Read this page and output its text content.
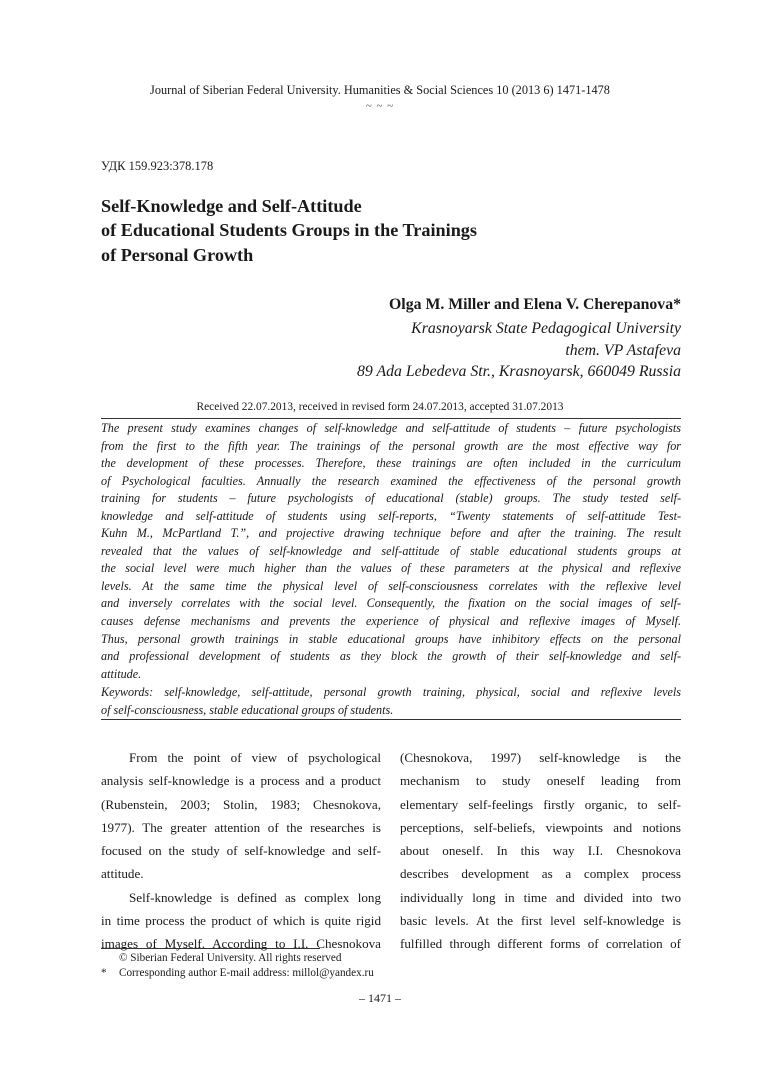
Journal of Siberian Federal University. Humanities & Social Sciences 10 (2013 6) 1471-1478
~ ~ ~
УДК 159.923:378.178
Self-Knowledge and Self-Attitude
of Educational Students Groups in the Trainings
of Personal Growth
Olga M. Miller and Elena V. Cherepanova*
Krasnoyarsk State Pedagogical University
them. VP Astafeva
89 Ada Lebedeva Str., Krasnoyarsk, 660049 Russia
Received 22.07.2013, received in revised form 24.07.2013, accepted 31.07.2013
The present study examines changes of self-knowledge and self-attitude of students – future psychologists
from the first to the fifth year. The trainings of the personal growth are the most effective way for
the development of these processes. Therefore, these trainings are often included in the curriculum
of Psychological faculties. Annually the research examined the effectiveness of the personal growth
training for students – future psychologists of educational (stable) groups. The study tested self-
knowledge and self-attitude of students using self-reports, “Twenty statements of self-attitude Test-
Kuhn M., McPartland T.”, and projective drawing technique before and after the training. The result
revealed that the values of self-knowledge and self-attitude of stable educational students groups at
the social level were much higher than the values of these parameters at the physical and reflexive
levels. At the same time the physical level of self-consciousness correlates with the reflexive level
and inversely correlates with the social level. Consequently, the fixation on the social images of self-
causes defense mechanisms and prevents the experience of physical and reflexive images of Myself.
Thus, personal growth trainings in stable educational groups have inhibitory effects on the personal
and professional development of students as they block the growth of their self-knowledge and self-
attitude.
Keywords: self-knowledge, self-attitude, personal growth training, physical, social and reflexive levels
of self-consciousness, stable educational groups of students.
From the point of view of psychological
analysis self-knowledge is a process and a product
(Rubenstein, 2003; Stolin, 1983; Chesnokova,
1977). The greater attention of the researches is
focused on the study of self-knowledge and self-
attitude.
Self-knowledge is defined as complex long
in time process the product of which is quite rigid
images of Myself. According to I.I. Chesnokova
(Chesnokova, 1997) self-knowledge is the
mechanism to study oneself leading from
elementary self-feelings firstly organic, to self-
perceptions, self-beliefs, viewpoints and notions
about oneself. In this way I.I. Chesnokova
describes development as a complex process
individually long in time and divided into two
basic levels. At the first level self-knowledge is
fulfilled through different forms of correlation of
© Siberian Federal University. All rights reserved
* Corresponding author E-mail address: millol@yandex.ru
– 1471 –
